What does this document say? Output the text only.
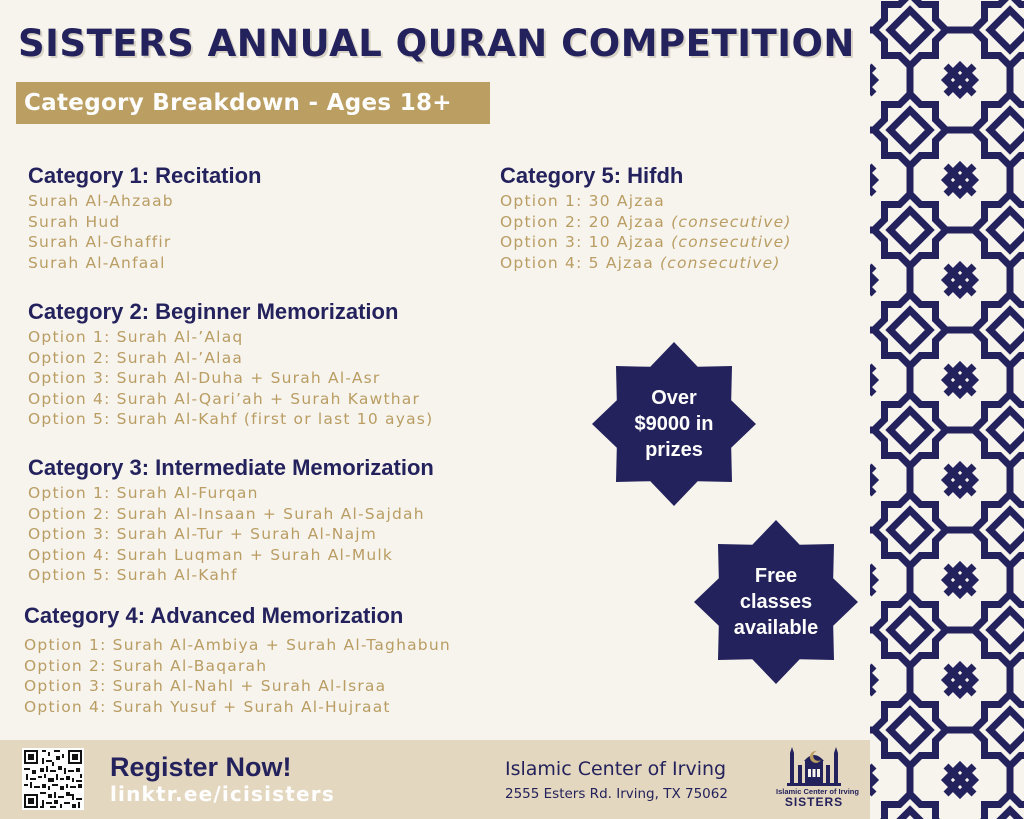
SISTERS ANNUAL QURAN COMPETITION
Category Breakdown - Ages 18+
Category 1: Recitation
Surah Al-Ahzaab
Surah Hud
Surah Al-Ghaffir
Surah Al-Anfaal
Category 2: Beginner Memorization
Option 1: Surah Al-’Alaq
Option 2: Surah Al-’Alaa
Option 3: Surah Al-Duha + Surah Al-Asr
Option 4: Surah Al-Qari’ah + Surah Kawthar
Option 5: Surah Al-Kahf (first or last 10 ayas)
Category 3: Intermediate Memorization
Option 1: Surah Al-Furqan
Option 2: Surah Al-Insaan + Surah Al-Sajdah
Option 3: Surah Al-Tur + Surah Al-Najm
Option 4: Surah Luqman + Surah Al-Mulk
Option 5: Surah Al-Kahf
Category 4: Advanced Memorization
Option 1: Surah Al-Ambiya + Surah Al-Taghabun
Option 2: Surah Al-Baqarah
Option 3: Surah Al-Nahl + Surah Al-Israa
Option 4: Surah Yusuf + Surah Al-Hujraat
Category 5: Hifdh
Option 1: 30 Ajzaa
Option 2: 20 Ajzaa (consecutive)
Option 3: 10 Ajzaa (consecutive)
Option 4: 5 Ajzaa (consecutive)
Over $9000 in prizes
Free classes available
Register Now!
linktr.ee/icisisters
Islamic Center of Irving
2555 Esters Rd. Irving, TX 75062	Islamic Center of Irving
SISTERS
